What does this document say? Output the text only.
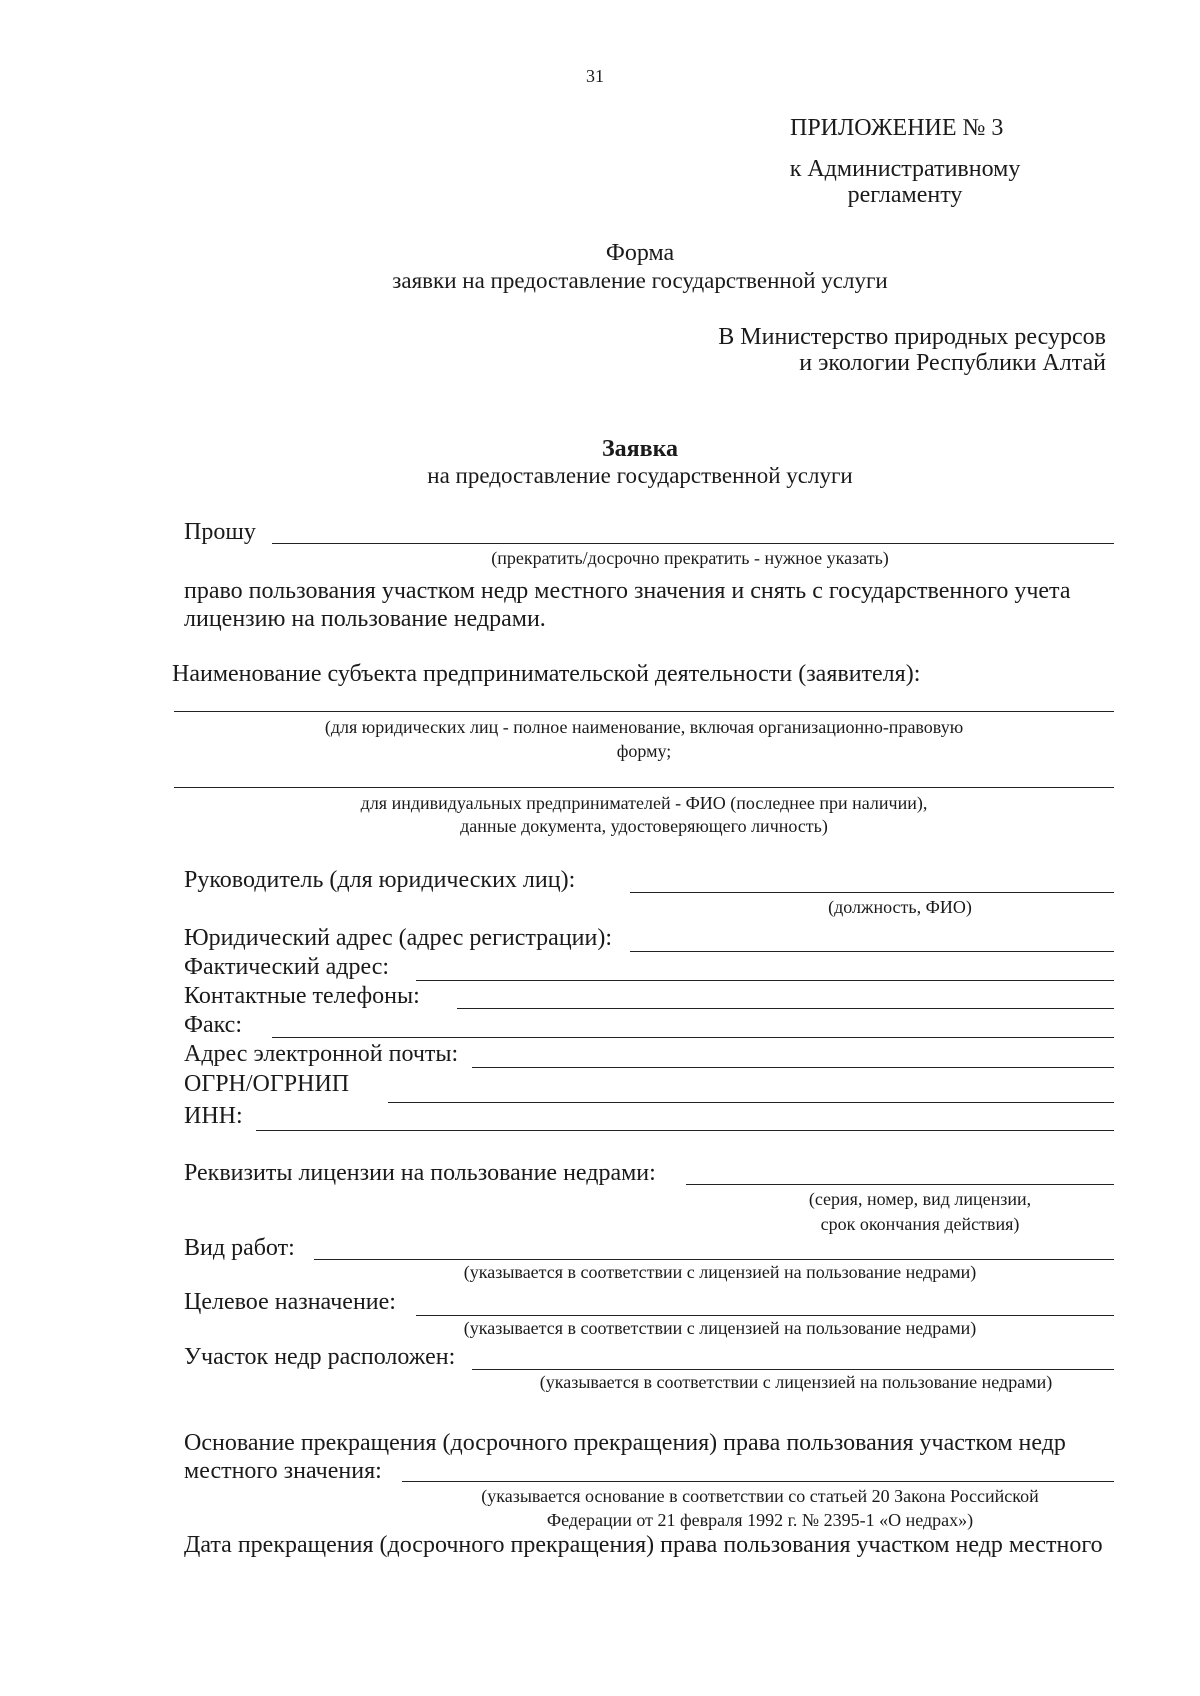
31
ПРИЛОЖЕНИЕ № 3
к Административному
регламенту
Форма
заявки на предоставление государственной услуги
В Министерство природных ресурсов
и экологии Республики Алтай
Заявка
на предоставление государственной услуги
Прошу
(прекратить/досрочно прекратить - нужное указать)
право пользования участком недр местного значения и снять с государственного учета
лицензию на пользование недрами.
Наименование субъекта предпринимательской деятельности (заявителя):
(для юридических лиц - полное наименование, включая организационно-правовую
форму;
для индивидуальных предпринимателей - ФИО (последнее при наличии),
данные документа, удостоверяющего личность)
Руководитель (для юридических лиц):
(должность, ФИО)
Юридический адрес (адрес регистрации):
Фактический адрес:
Контактные телефоны:
Факс:
Адрес электронной почты:
ОГРН/ОГРНИП
ИНН:
Реквизиты лицензии на пользование недрами:
(серия, номер, вид лицензии,
срок окончания действия)
Вид работ:
(указывается в соответствии с лицензией на пользование недрами)
Целевое назначение:
(указывается в соответствии с лицензией на пользование недрами)
Участок недр расположен:
(указывается в соответствии с лицензией на пользование недрами)
Основание прекращения (досрочного прекращения) права пользования участком недр
местного значения:
(указывается основание в соответствии со статьей 20 Закона Российской
Федерации от 21 февраля 1992 г. № 2395-1 «О недрах»)
Дата прекращения (досрочного прекращения) права пользования участком недр местного
